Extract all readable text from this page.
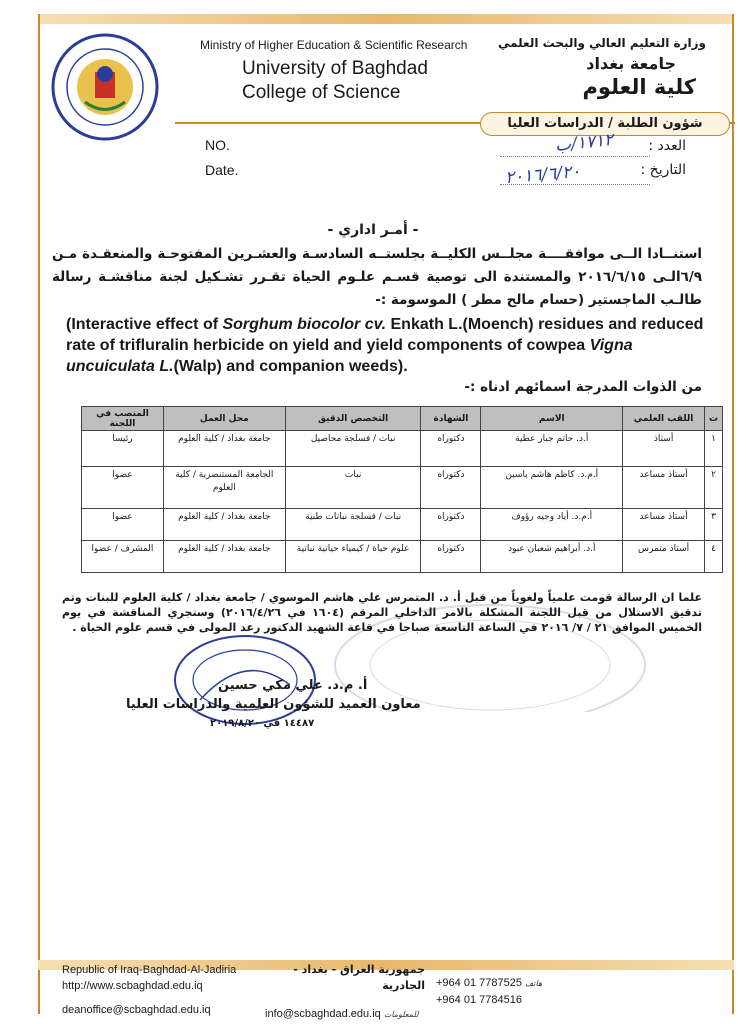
Ministry of Higher Education & Scientific Research
University of Baghdad
College of Science
وزارة التعليم العالي والبحث العلمي
جامعة بغداد
كلية العلوم
شؤون الطلبة / الدراسات العليا
NO.
Date.
العدد :
التاريخ :
١٧١٢/ب
٢٠١٦/٦/٢٠
- أمـر اداري -
استنــادا الــى موافقــــة مجلــس الكليــة بجلستــه السادسـة والعشـرين المفتوحـة والمنعقـدة مـن ٦/٩الـى ٢٠١٦/٦/١٥ والمستندة الى توصية قسـم علـوم الحياة تقـرر تشـكيل لجنة مناقشـة رسالة طالـب الماجستير (حسام مالح مطر ) الموسومة :-
(Interactive effect of Sorghum biocolor cv. Enkath L.(Moench) residues and reduced rate of trifluralin herbicide on yield and yield components of cowpea Vigna uncuiculata L.(Walp) and companion weeds).
من الذوات المدرجة اسمائهم ادناه :-
ت	اللقب العلمي	الاسم	الشهادة	التخصص الدقيق	محل العمل	المنصب في اللجنة
١	أستاذ	أ.د. حاتم جبار عطية	دكتوراه	نبات / فسلجة محاصيل	جامعة بغداد / كلية العلوم	رئيسا
٢	أستاذ مساعد	أ.م.د. كاظم هاشم ياسين	دكتوراه	نبات	الجامعة المستنصرية / كلية العلوم	عضوا
٣	أستاذ مساعد	أ.م.د. أياد وجيه رؤوف	دكتوراه	نبات / فسلجة نباتات طبية	جامعة بغداد / كلية العلوم	عضوا
٤	أستاذ متمرس	أ.د. أبراهيم شعبان عبود	دكتوراه	علوم حياة / كيمياء حياتية نباتية	جامعة بغداد / كلية العلوم	المشرف / عضوا
علما ان الرسالة قومت علمياً ولغوياً من قبل أ. د. المتمرس علي هاشم الموسوي / جامعة بغداد / كلية العلوم للبنات وتم تدقيق الاستلال من قبل اللجنة المشكلة بالامر الداخلي المرقم (١٦٠٤ في ٢٠١٦/٤/٢٦) وستجري المناقشة في يوم الخميس الموافق ٢١ / ٧/ ٢٠١٦ في الساعة التاسعة صباحا في قاعة الشهيد الدكتور رعد المولى في قسم علوم الحياة .
أ. م.د. علي مكي حسين
معاون العميد للشؤون العلمية والدراسات العليا
١٤٤٨٧ في ٢٠١٩/٨/٢٠
Republic of Iraq-Baghdad-Al-Jadiria
http://www.scbaghdad.edu.iq
deanoffice@scbaghdad.edu.iq
جمهورية العراق - بغداد - الجادرية
info@scbaghdad.edu.iq للمعلومات
+964 01 7787525 هاتف
+964 01 7784516
